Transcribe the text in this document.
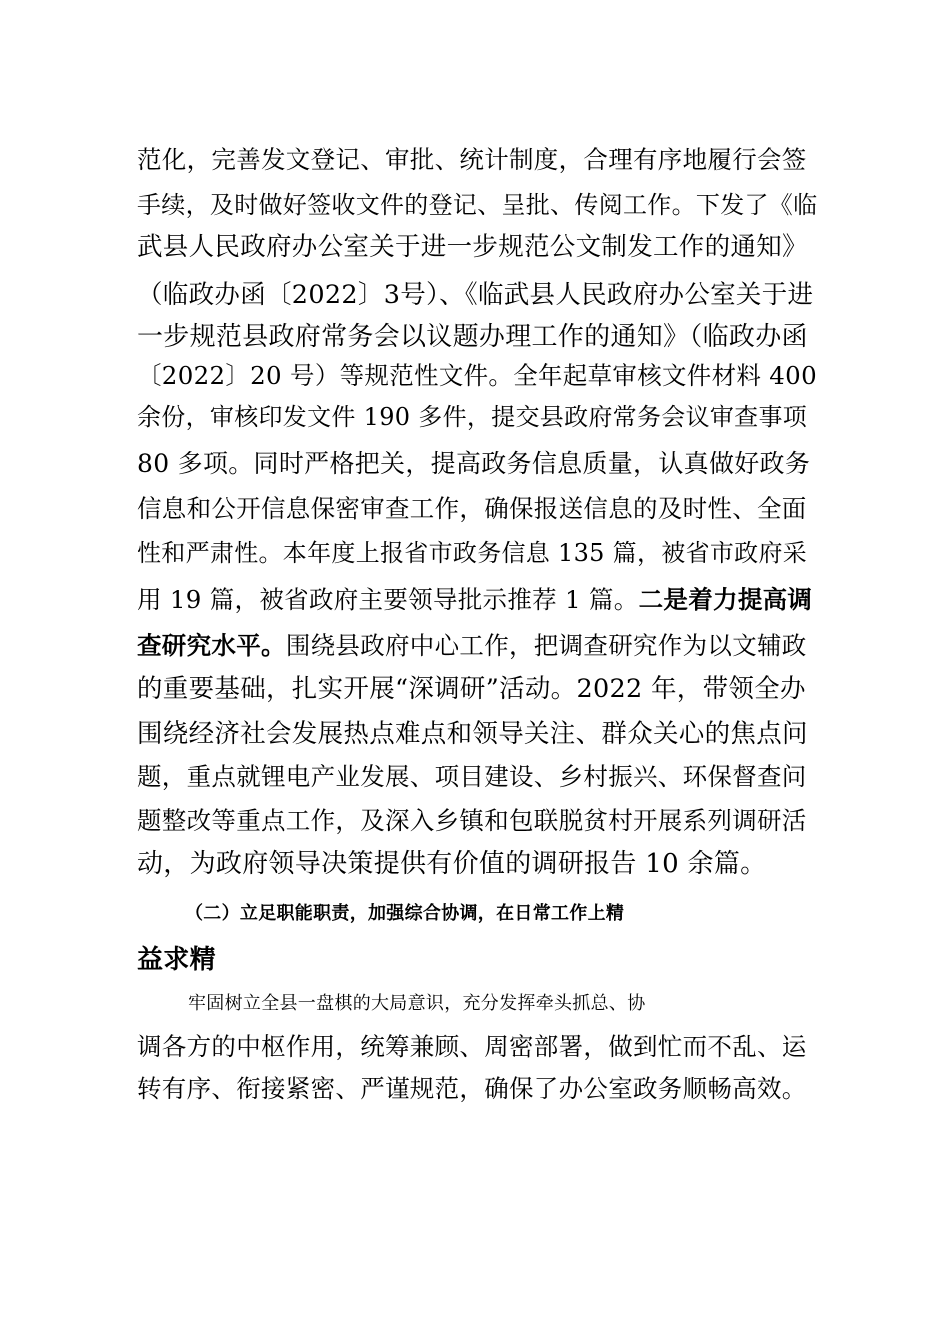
范化，完善发文登记、审批、统计制度，合理有序地履行会签
手续，及时做好签收文件的登记、呈批、传阅工作。下发了《临
武县人民政府办公室关于进一步规范公文制发工作的通知》
（临政办函〔2022〕3号）、《临武县人民政府办公室关于进
一步规范县政府常务会以议题办理工作的通知》（临政办函
〔2022〕20 号）等规范性文件。全年起草审核文件材料 400
余份，审核印发文件 190 多件，提交县政府常务会议审查事项
80 多项。同时严格把关，提高政务信息质量，认真做好政务
信息和公开信息保密审查工作，确保报送信息的及时性、全面
性和严肃性。本年度上报省市政务信息 135 篇，被省市政府采
用 19 篇，被省政府主要领导批示推荐 1 篇。二是着力提高调
查研究水平。围绕县政府中心工作，把调查研究作为以文辅政
的重要基础，扎实开展“深调研”活动。2022 年，带领全办
围绕经济社会发展热点难点和领导关注、群众关心的焦点问
题，重点就锂电产业发展、项目建设、乡村振兴、环保督查问
题整改等重点工作，及深入乡镇和包联脱贫村开展系列调研活
动，为政府领导决策提供有价值的调研报告 10 余篇。
（二）立足职能职责，加强综合协调，在日常工作上精
益求精
牢固树立全县一盘棋的大局意识，充分发挥牵头抓总、协
调各方的中枢作用，统筹兼顾、周密部署，做到忙而不乱、运
转有序、衔接紧密、严谨规范，确保了办公室政务顺畅高效。
